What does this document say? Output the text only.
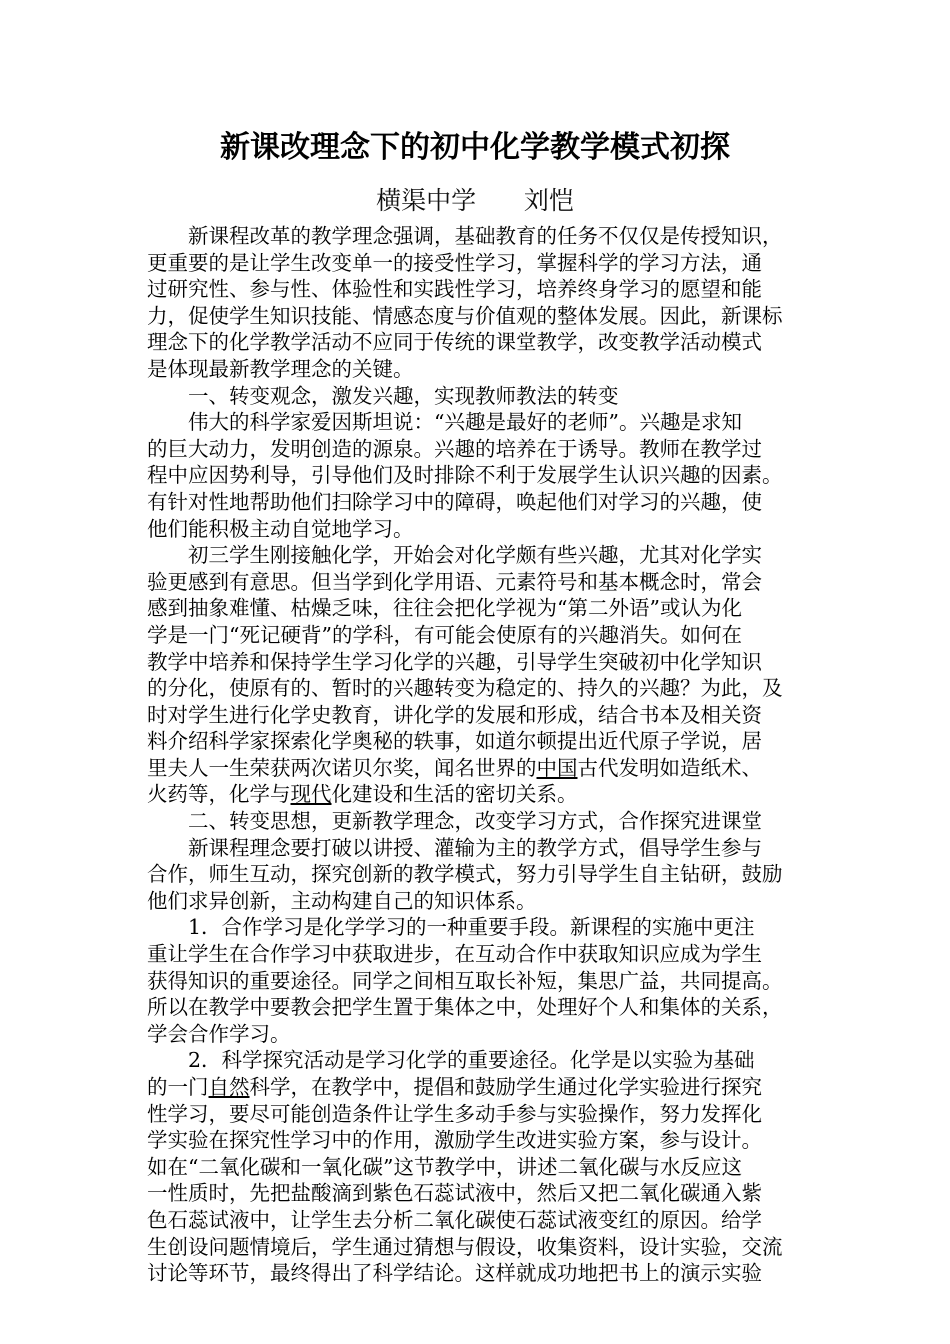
新课改理念下的初中化学教学模式初探
横渠中学      刘恺
新课程改革的教学理念强调，基础教育的任务不仅仅是传授知识，
更重要的是让学生改变单一的接受性学习，掌握科学的学习方法，通
过研究性、参与性、体验性和实践性学习，培养终身学习的愿望和能
力，促使学生知识技能、情感态度与价值观的整体发展。因此，新课标
理念下的化学教学活动不应同于传统的课堂教学，改变教学活动模式
是体现最新教学理念的关键。
一、转变观念，激发兴趣，实现教师教法的转变
伟大的科学家爱因斯坦说：“兴趣是最好的老师”。兴趣是求知
的巨大动力，发明创造的源泉。兴趣的培养在于诱导。教师在教学过
程中应因势利导，引导他们及时排除不利于发展学生认识兴趣的因素。
有针对性地帮助他们扫除学习中的障碍，唤起他们对学习的兴趣，使
他们能积极主动自觉地学习。
初三学生刚接触化学，开始会对化学颇有些兴趣，尤其对化学实
验更感到有意思。但当学到化学用语、元素符号和基本概念时，常会
感到抽象难懂、枯燥乏味，往往会把化学视为“第二外语”或认为化
学是一门“死记硬背”的学科，有可能会使原有的兴趣消失。如何在
教学中培养和保持学生学习化学的兴趣，引导学生突破初中化学知识
的分化，使原有的、暂时的兴趣转变为稳定的、持久的兴趣？为此，及
时对学生进行化学史教育，讲化学的发展和形成，结合书本及相关资
料介绍科学家探索化学奥秘的轶事，如道尔顿提出近代原子学说，居
里夫人一生荣获两次诺贝尔奖，闻名世界的中国古代发明如造纸术、
火药等，化学与现代化建设和生活的密切关系。
二、转变思想，更新教学理念，改变学习方式，合作探究进课堂
新课程理念要打破以讲授、灌输为主的教学方式，倡导学生参与
合作，师生互动，探究创新的教学模式，努力引导学生自主钻研，鼓励
他们求异创新，主动构建自己的知识体系。
1．合作学习是化学学习的一种重要手段。新课程的实施中更注
重让学生在合作学习中获取进步，在互动合作中获取知识应成为学生
获得知识的重要途径。同学之间相互取长补短，集思广益，共同提高。
所以在教学中要教会把学生置于集体之中，处理好个人和集体的关系，
学会合作学习。
2．科学探究活动是学习化学的重要途径。化学是以实验为基础
的一门自然科学，在教学中，提倡和鼓励学生通过化学实验进行探究
性学习，要尽可能创造条件让学生多动手参与实验操作，努力发挥化
学实验在探究性学习中的作用，激励学生改进实验方案，参与设计。
如在“二氧化碳和一氧化碳”这节教学中，讲述二氧化碳与水反应这
一性质时，先把盐酸滴到紫色石蕊试液中，然后又把二氧化碳通入紫
色石蕊试液中，让学生去分析二氧化碳使石蕊试液变红的原因。给学
生创设问题情境后，学生通过猜想与假设，收集资料，设计实验，交流
讨论等环节，最终得出了科学结论。这样就成功地把书上的演示实验
